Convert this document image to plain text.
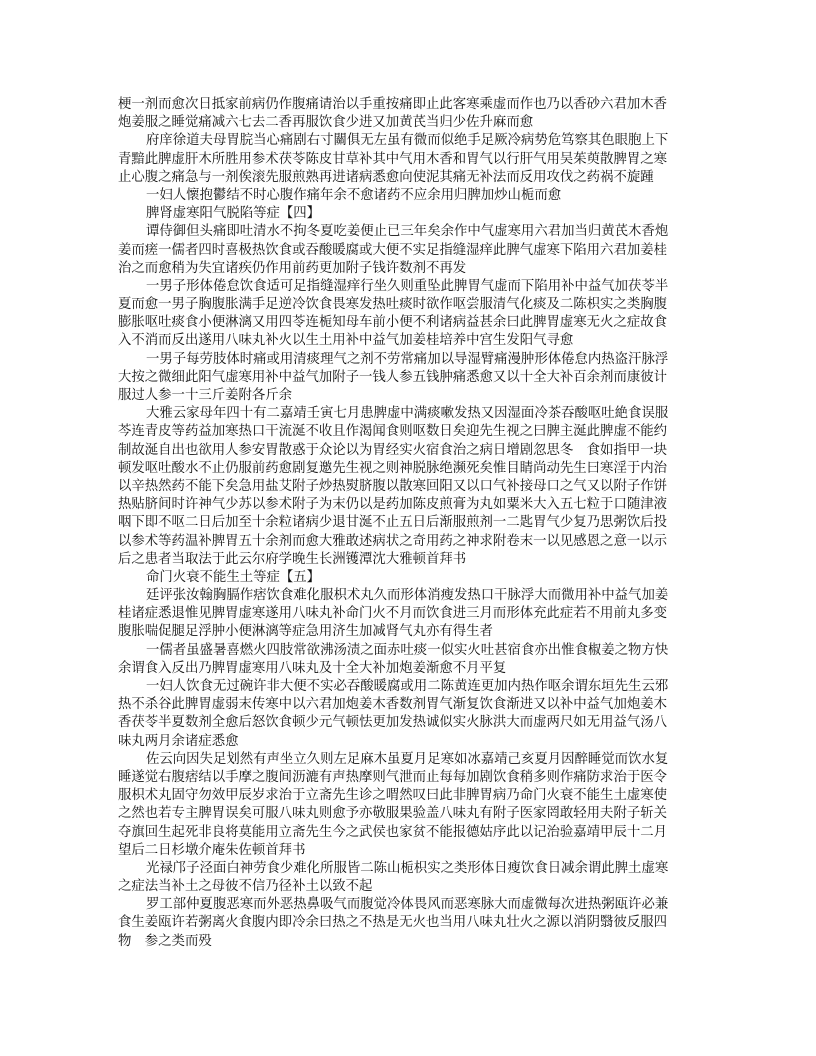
梗一剂而愈次日抵家前病仍作腹痛请治以手重按痛即止此客寒乘虚而作也乃以香砂六君加木香
炮姜服之睡觉痛减六七去二香再服饮食少进又加黄芪当归少佐升麻而愈
府庠徐道夫母胃脘当心痛剧右寸關俱无左虽有微而似绝手足厥冷病势危笃察其色眼胞上下
青黯此脾虚肝木所胜用参术茯苓陈皮甘草补其中气用木香和胃气以行肝气用吴茱萸散脾胃之寒
止心腹之痛急与一剂俟滚先服煎熟再进诸病悉愈向使泥其痛无补法而反用攻伐之药祸不旋踵
一妇人懷抱鬱结不时心腹作痛年余不愈诸药不应余用归脾加炒山栀而愈
脾肾虚寒阳气脱陷等症【四】
谭侍御但头痛即吐清水不拘冬夏吃姜便止已三年矣余作中气虚寒用六君加当归黄芪木香炮
姜而瘥一儒者四时喜极热饮食或吞酸暖腐或大便不实足指缝湿痒此脾气虚寒下陷用六君加姜桂
治之而愈稍为失宜诸疾仍作用前药更加附子钱许数剂不再发
一男子形体倦怠饮食适可足指缝湿痒行坐久则重坠此脾胃气虚而下陷用补中益气加茯苓半
夏而愈一男子胸腹胀满手足逆冷饮食畏寒发热吐痰时欲作呕尝服清气化痰及二陈枳实之类胸腹
膨胀呕吐痰食小便淋漓又用四苓连栀知母车前小便不利诸病益甚余曰此脾胃虚寒无火之症故食
入不消而反出遂用八味丸补火以生土用补中益气加姜桂培养中宫生发阳气寻愈
一男子每劳肢体时痛或用清痰理气之剂不劳常痛加以导湿臂痛漫肿形体倦怠内热盗汗脉浮
大按之微细此阳气虚寒用补中益气加附子一钱人参五钱肿痛悉愈又以十全大补百余剂而康彼计
服过人参一十三斤姜附各斤余
大雅云家母年四十有二嘉靖壬寅七月患脾虚中满痰嗽发热又因湿面冷茶吞酸呕吐絶食误服
芩连青皮等药益加寒热口干流涎不收且作渴闻食则呕数日矣迎先生视之曰脾主涎此脾虚不能约
制故涎自出也欲用人参安胃散惑于众论以为胃经实火宿食治之病日增剧忽思冬　食如指甲一块
顿发呕吐酸水不止仍服前药愈剧复邀先生视之则神脱脉绝濒死矣惟目睛尚动先生曰寒淫于内治
以辛热然药不能下矣急用盐艾附子炒热熨脐腹以散寒回阳又以口气补接母口之气又以附子作饼
热贴脐间时许神气少苏以参术附子为末仍以是药加陈皮煎膏为丸如粟米大入五七粒于口随津液
咽下即不呕二日后加至十余粒诸病少退甘涎不止五日后渐服煎剂一二匙胃气少复乃思粥饮后投
以参术等药温补脾胃五十余剂而愈大雅敢述病状之奇用药之神求附卷末一以见感恩之意一以示
后之患者当取法于此云尔府学晚生长洲镬潭沈大雅顿首拜书
命门火衰不能生土等症【五】
廷评张汝翰胸膈作痞饮食难化服枳术丸久而形体消瘦发热口干脉浮大而微用补中益气加姜
桂诸症悉退惟见脾胃虚寒遂用八味丸补命门火不月而饮食进三月而形体充此症若不用前丸多变
腹胀喘促腿足浮肿小便淋漓等症急用济生加减肾气丸亦有得生者
一儒者虽盛暑喜燃火四肢常欲沸汤渍之面赤吐痰一似实火吐甚宿食亦出惟食椒姜之物方快
余谓食入反出乃脾胃虚寒用八味丸及十全大补加炮姜渐愈不月平复
一妇人饮食无过碗许非大便不实必吞酸暖腐或用二陈黄连更加内热作呕余谓东垣先生云邪
热不杀谷此脾胃虚弱末传寒中以六君加炮姜木香数剂胃气渐复饮食渐进又以补中益气加炮姜木
香茯苓半夏数剂全愈后怒饮食顿少元气顿怯更加发热诚似实火脉洪大而虚两尺如无用益气汤八
味丸两月余诸症悉愈
佐云向因失足划然有声坐立久则左足麻木虽夏月足寒如冰嘉靖己亥夏月因醉睡觉而饮水复
睡遂觉右腹痞结以手摩之腹间沥漉有声热摩则气泄而止每每加剧饮食稍多则作痛防求治于医令
服枳术丸固守勿效甲辰岁求治于立斋先生诊之喟然叹曰此非脾胃病乃命门火衰不能生土虚寒使
之然也若专主脾胃误矣可服八味丸则愈予亦敬服果验盖八味丸有附子医家罔敢轻用夫附子斩关
夺旗回生起死非良将莫能用立斋先生今之武侯也家贫不能报德姑序此以记治验嘉靖甲辰十二月
望后二日杉墩介庵朱佐顿首拜书
光禄邝子泾面白神劳食少难化所服皆二陈山栀枳实之类形体日瘦饮食日减余谓此脾土虚寒
之症法当补土之母彼不信乃径补土以致不起
罗工部仲夏腹恶寒而外恶热鼻吸气而腹觉冷体畏风而恶寒脉大而虚微每次进热粥瓯许必兼
食生姜瓯许若粥离火食腹内即冷余曰热之不热是无火也当用八味丸壮火之源以消阴翳彼反服四
物　参之类而殁
